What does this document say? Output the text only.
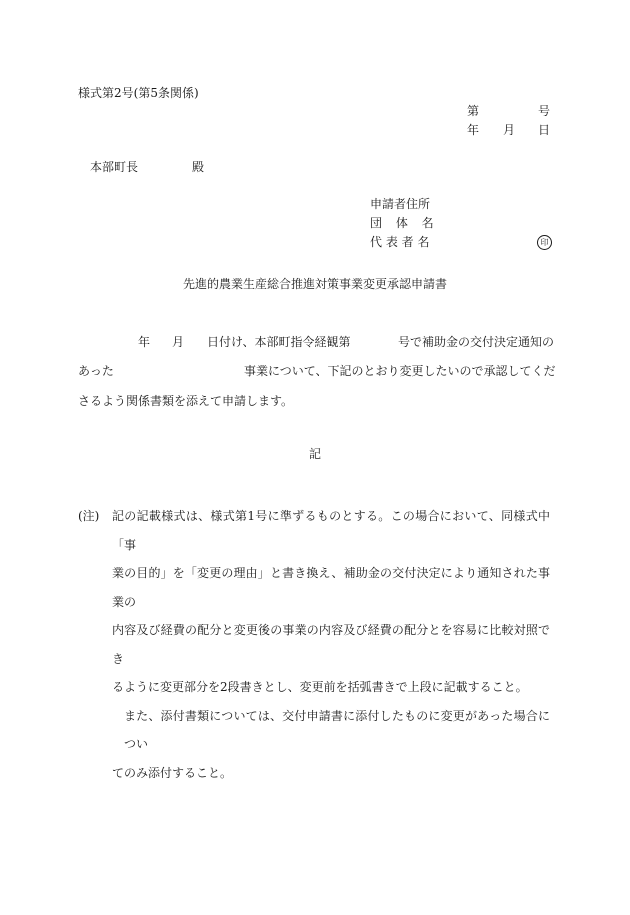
様式第2号(第5条関係)
第	号
年 月 日
本部町長	殿
申請者住所
団 体 名
代 表 者 名	印
先進的農業生産総合推進対策事業変更承認申請書
年 月 日付け、本部町指令経観第	号で補助金の交付決定通知の
あった	事業について、下記のとおり変更したいので承認してくだ
さるよう関係書類を添えて申請します。
記
(注)	記の記載様式は、様式第1号に準ずるものとする。この場合において、同様式中「事
業の目的」を「変更の理由」と書き換え、補助金の交付決定により通知された事業の
内容及び経費の配分と変更後の事業の内容及び経費の配分とを容易に比較対照でき
るように変更部分を2段書きとし、変更前を括弧書きで上段に記載すること。
また、添付書類については、交付申請書に添付したものに変更があった場合につい
てのみ添付すること。
